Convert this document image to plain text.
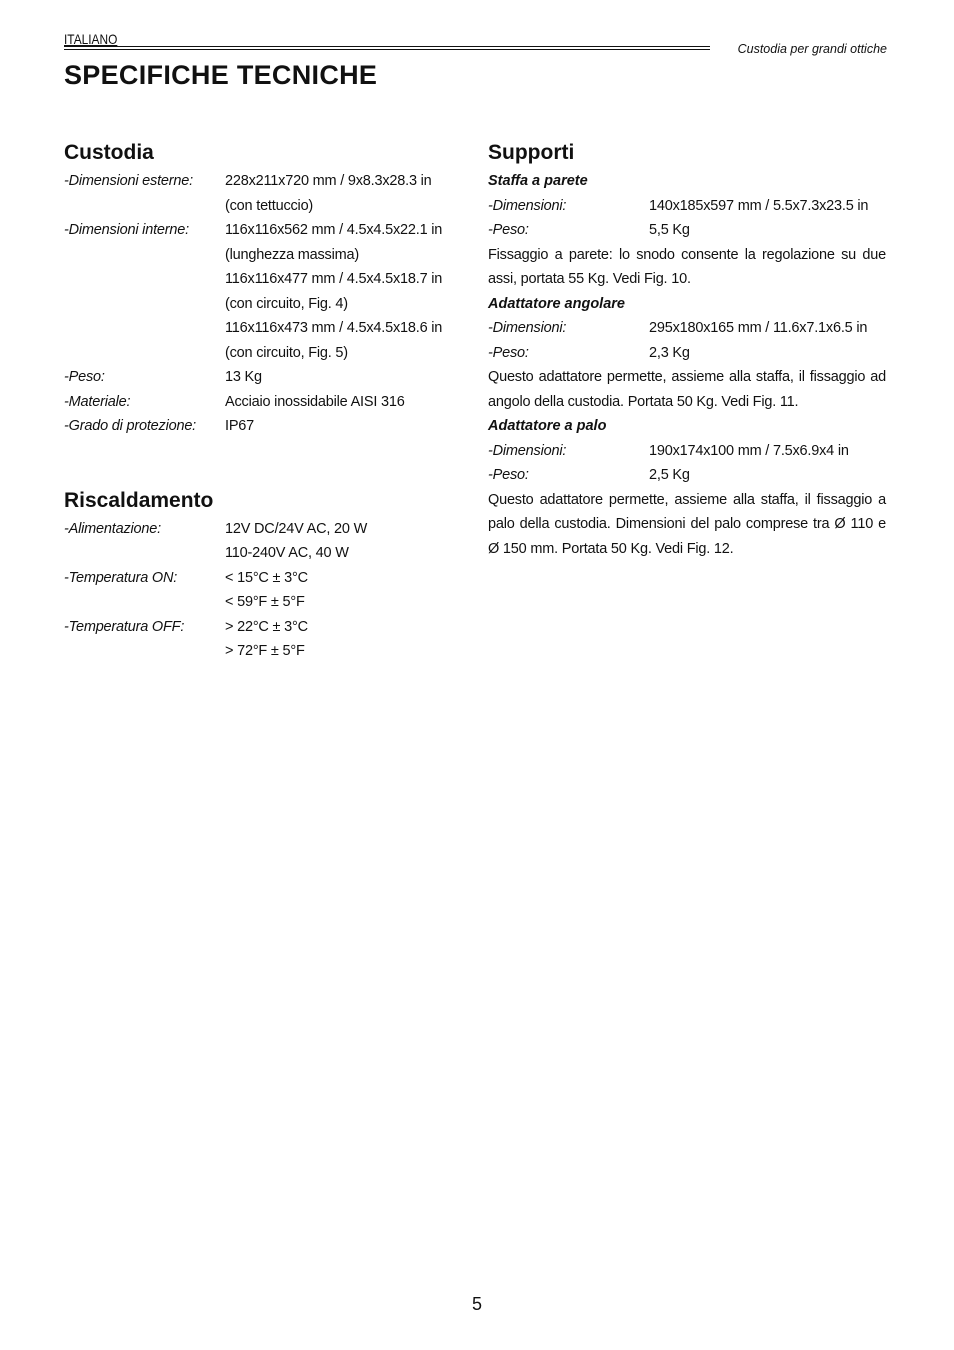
ITALIANO
Custodia per grandi ottiche
SPECIFICHE TECNICHE
Custodia
-Dimensioni esterne:	228x211x720 mm / 9x8.3x28.3 in
(con tettuccio)
-Dimensioni interne:	116x116x562 mm / 4.5x4.5x22.1 in
(lunghezza massima)
116x116x477 mm / 4.5x4.5x18.7 in
(con circuito, Fig. 4)
116x116x473 mm / 4.5x4.5x18.6 in
(con circuito, Fig. 5)
-Peso:	13 Kg
-Materiale:	Acciaio inossidabile AISI 316
-Grado di protezione:	IP67
Riscaldamento
-Alimentazione:	12V DC/24V AC, 20 W
110-240V AC, 40 W
-Temperatura ON:	< 15°C ± 3°C
< 59°F ± 5°F
-Temperatura OFF:	> 22°C ± 3°C
> 72°F ± 5°F
Supporti
Staffa a parete
-Dimensioni:	140x185x597 mm / 5.5x7.3x23.5 in
-Peso:	5,5 Kg
Fissaggio a parete: lo snodo consente la regolazione su due assi, portata 55 Kg. Vedi Fig. 10.
Adattatore angolare
-Dimensioni:	295x180x165 mm / 11.6x7.1x6.5 in
-Peso:	2,3 Kg
Questo adattatore permette, assieme alla staffa, il fissaggio ad angolo della custodia. Portata 50 Kg. Vedi Fig. 11.
Adattatore a palo
-Dimensioni:	190x174x100 mm / 7.5x6.9x4 in
-Peso:	2,5 Kg
Questo adattatore permette, assieme alla staffa, il fissaggio a palo della custodia. Dimensioni del palo comprese tra Ø 110 e Ø 150 mm. Portata 50 Kg. Vedi Fig. 12.
5
